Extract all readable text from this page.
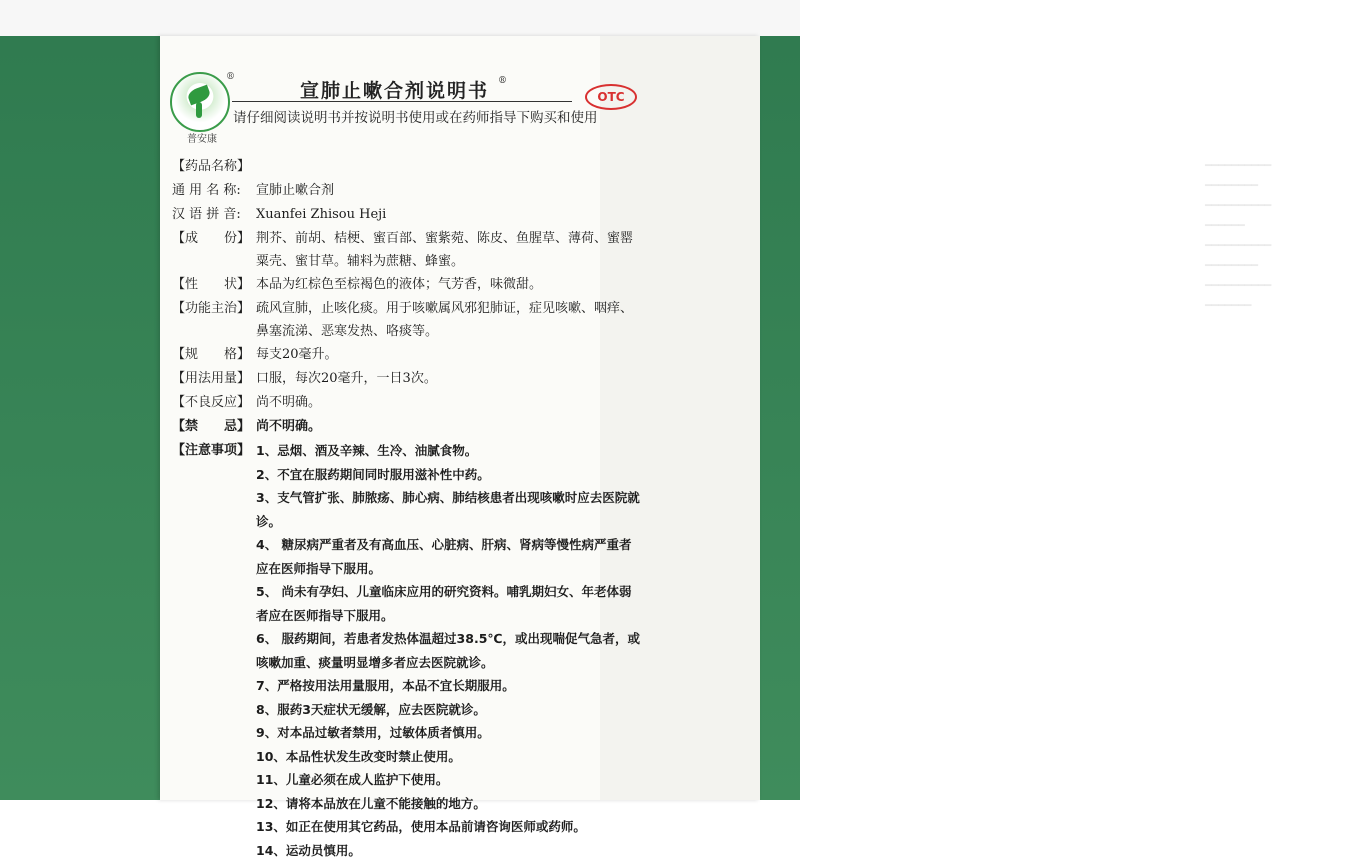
━━━━━━━━━━
━━━━━━━━
━━━━━━━━━━
━━━━━━
━━━━━━━━━━
━━━━━━━━
━━━━━━━━━━
━━━━━━━
®
普安康
宣肺止嗽合剂说明书 ®
OTC
请仔细阅读说明书并按说明书使用或在药师指导下购买和使用
【药品名称】
通 用 名 称:	宣肺止嗽合剂
汉 语 拼 音:	Xuanfei Zhisou Heji
【成　　份】 荆芥、前胡、桔梗、蜜百部、蜜紫菀、陈皮、鱼腥草、薄荷、蜜罂粟壳、蜜甘草。辅料为蔗糖、蜂蜜。
【性　　状】 本品为红棕色至棕褐色的液体；气芳香，味微甜。
【功能主治】 疏风宣肺，止咳化痰。用于咳嗽属风邪犯肺证，症见咳嗽、咽痒、鼻塞流涕、恶寒发热、咯痰等。
【规　　格】 每支20毫升。
【用法用量】 口服，每次20毫升，一日3次。
【不良反应】 尚不明确。
【禁　　忌】 尚不明确。
【注意事项】 1、忌烟、酒及辛辣、生冷、油腻食物。
2、不宜在服药期间同时服用滋补性中药。
3、支气管扩张、肺脓疡、肺心病、肺结核患者出现咳嗽时应去医院就诊。
4、 糖尿病严重者及有高血压、心脏病、肝病、肾病等慢性病严重者应在医师指导下服用。
5、 尚未有孕妇、儿童临床应用的研究资料。哺乳期妇女、年老体弱者应在医师指导下服用。
6、 服药期间，若患者发热体温超过38.5℃，或出现喘促气急者，或咳嗽加重、痰量明显增多者应去医院就诊。
7、严格按用法用量服用，本品不宜长期服用。
8、服药3天症状无缓解，应去医院就诊。
9、对本品过敏者禁用，过敏体质者慎用。
10、本品性状发生改变时禁止使用。
11、儿童必须在成人监护下使用。
12、请将本品放在儿童不能接触的地方。
13、如正在使用其它药品，使用本品前请咨询医师或药师。
14、运动员慎用。
